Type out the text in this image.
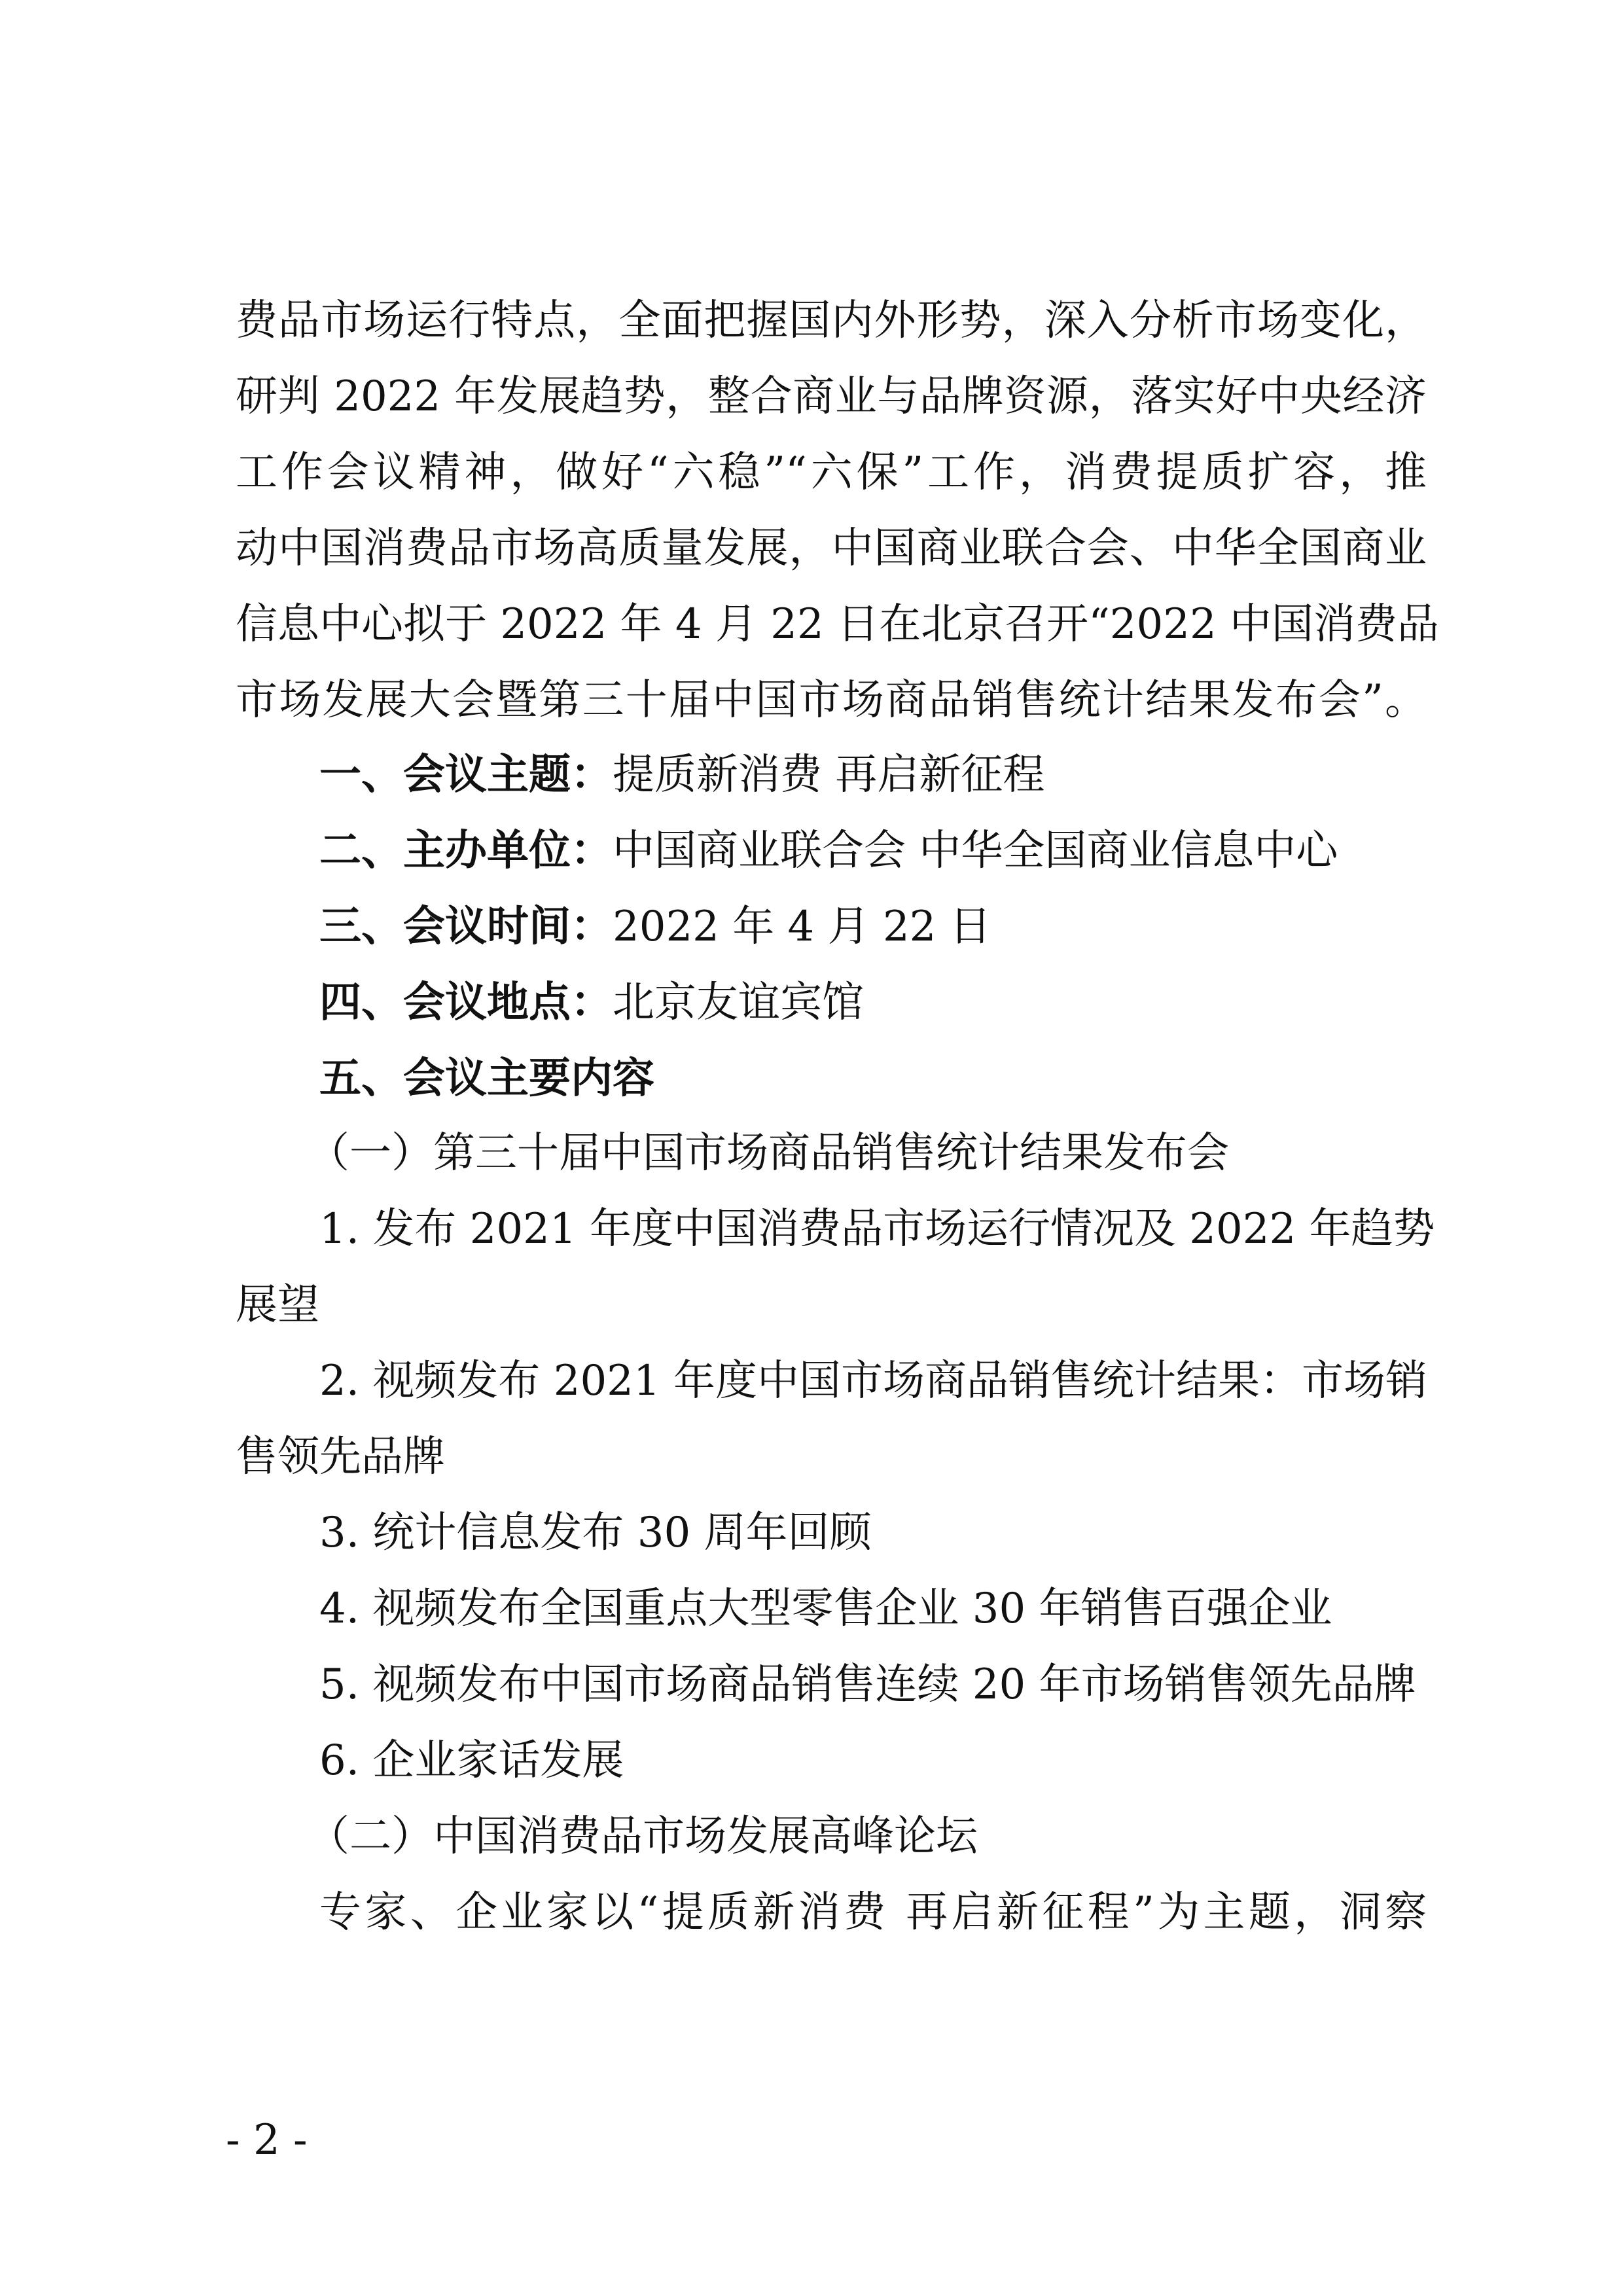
费品市场运行特点，全面把握国内外形势，深入分析市场变化，
研判 2022 年发展趋势，整合商业与品牌资源，落实好中央经济
工作会议精神，做好“六稳”“六保”工作，消费提质扩容，推
动中国消费品市场高质量发展，中国商业联合会、中华全国商业
信息中心拟于 2022 年 4 月 22 日在北京召开“2022 中国消费品
市场发展大会暨第三十届中国市场商品销售统计结果发布会”。
一、会议主题：提质新消费 再启新征程
二、主办单位：中国商业联合会 中华全国商业信息中心
三、会议时间：2022 年 4 月 22 日
四、会议地点：北京友谊宾馆
五、会议主要内容
（一）第三十届中国市场商品销售统计结果发布会
1. 发布 2021 年度中国消费品市场运行情况及 2022 年趋势
展望
2. 视频发布 2021 年度中国市场商品销售统计结果：市场销
售领先品牌
3. 统计信息发布 30 周年回顾
4. 视频发布全国重点大型零售企业 30 年销售百强企业
5. 视频发布中国市场商品销售连续 20 年市场销售领先品牌
6. 企业家话发展
（二）中国消费品市场发展高峰论坛
专家、企业家以“提质新消费 再启新征程”为主题，洞察
- 2 -
